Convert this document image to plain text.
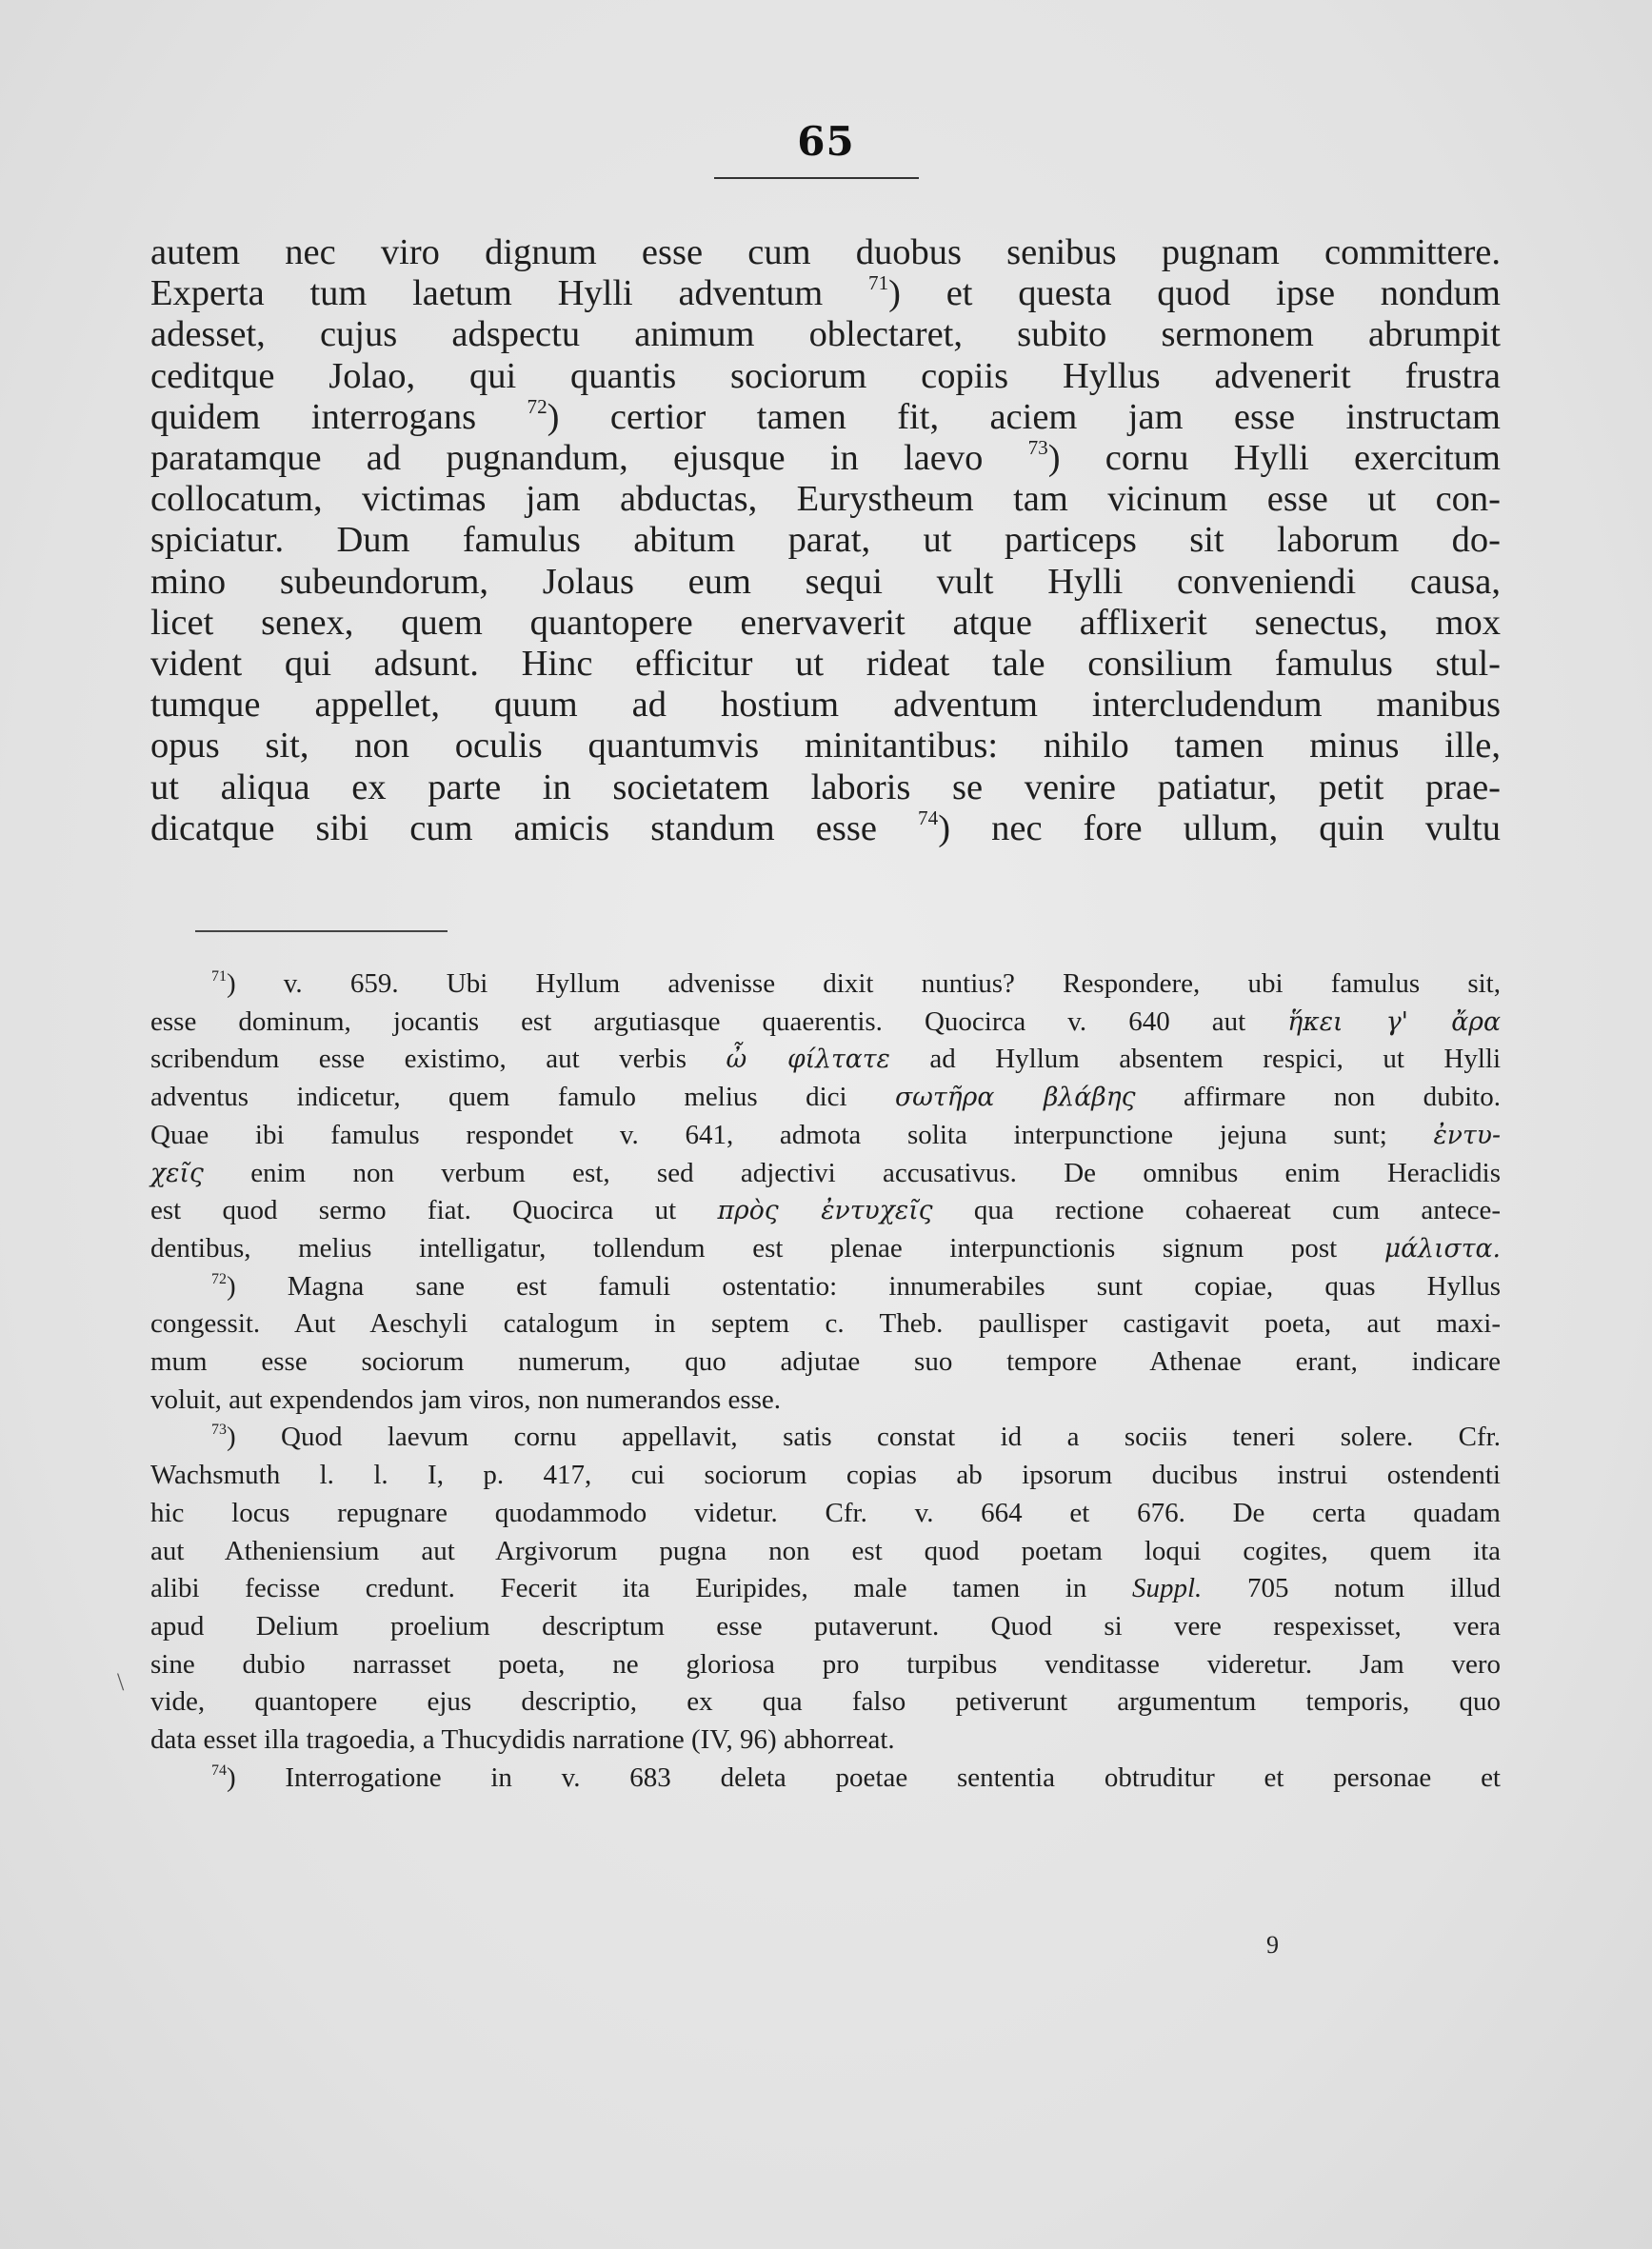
65
autem nec viro dignum esse cum duobus senibus pugnam committere.
Experta tum laetum Hylli adventum $^{71}$) et questa quod ipse nondum
adesset, cujus adspectu animum oblectaret, subito sermonem abrumpit
ceditque Jolao, qui quantis sociorum copiis Hyllus advenerit frustra
quidem interrogans $^{72}$) certior tamen fit, aciem jam esse instructam
paratamque ad pugnandum, ejusque in laevo $^{73}$) cornu Hylli exercitum
collocatum, victimas jam abductas, Eurystheum tam vicinum esse ut con-
spiciatur. Dum famulus abitum parat, ut particeps sit laborum do-
mino subeundorum, Jolaus eum sequi vult Hylli conveniendi causa,
licet senex, quem quantopere enervaverit atque afflixerit senectus, mox
vident qui adsunt. Hinc efficitur ut rideat tale consilium famulus stul-
tumque appellet, quum ad hostium adventum intercludendum manibus
opus sit, non oculis quantumvis minitantibus: nihilo tamen minus ille,
ut aliqua ex parte in societatem laboris se venire patiatur, petit prae-
dicatque sibi cum amicis standum esse $^{74}$) nec fore ullum, quin vultu
$^{71}$) v. 659. Ubi Hyllum advenisse dixit nuntius? Respondere, ubi famulus sit,
esse dominum, jocantis est argutiasque quaerentis. Quocirca v. 640 aut ἥκει γ' ἄρα
scribendum esse existimo, aut verbis ὦ φίλτατε ad Hyllum absentem respici, ut Hylli
adventus indicetur, quem famulo melius dici σωτῆρα βλάβης affirmare non dubito.
Quae ibi famulus respondet v. 641, admota solita interpunctione jejuna sunt; ἐντυ-
χεῖς enim non verbum est, sed adjectivi accusativus. De omnibus enim Heraclidis
est quod sermo fiat. Quocirca ut πρὸς ἐντυχεῖς qua rectione cohaereat cum antece-
dentibus, melius intelligatur, tollendum est plenae interpunctionis signum post μάλιστα.
$^{72}$) Magna sane est famuli ostentatio: innumerabiles sunt copiae, quas Hyllus
congessit. Aut Aeschyli catalogum in septem c. Theb. paullisper castigavit poeta, aut maxi-
mum esse sociorum numerum, quo adjutae suo tempore Athenae erant, indicare
voluit, aut expendendos jam viros, non numerandos esse.
$^{73}$) Quod laevum cornu appellavit, satis constat id a sociis teneri solere. Cfr.
Wachsmuth l. l. I, p. 417, cui sociorum copias ab ipsorum ducibus instrui ostendenti
hic locus repugnare quodammodo videtur. Cfr. v. 664 et 676. De certa quadam
aut Atheniensium aut Argivorum pugna non est quod poetam loqui cogites, quem ita
alibi fecisse credunt. Fecerit ita Euripides, male tamen in Suppl. 705 notum illud
apud Delium proelium descriptum esse putaverunt. Quod si vere respexisset, vera
sine dubio narrasset poeta, ne gloriosa pro turpibus venditasse videretur. Jam vero
vide, quantopere ejus descriptio, ex qua falso petiverunt argumentum temporis, quo
data esset illa tragoedia, a Thucydidis narratione (IV, 96) abhorreat.
$^{74}$) Interrogatione in v. 683 deleta poetae sententia obtruditur et personae et
\
9
